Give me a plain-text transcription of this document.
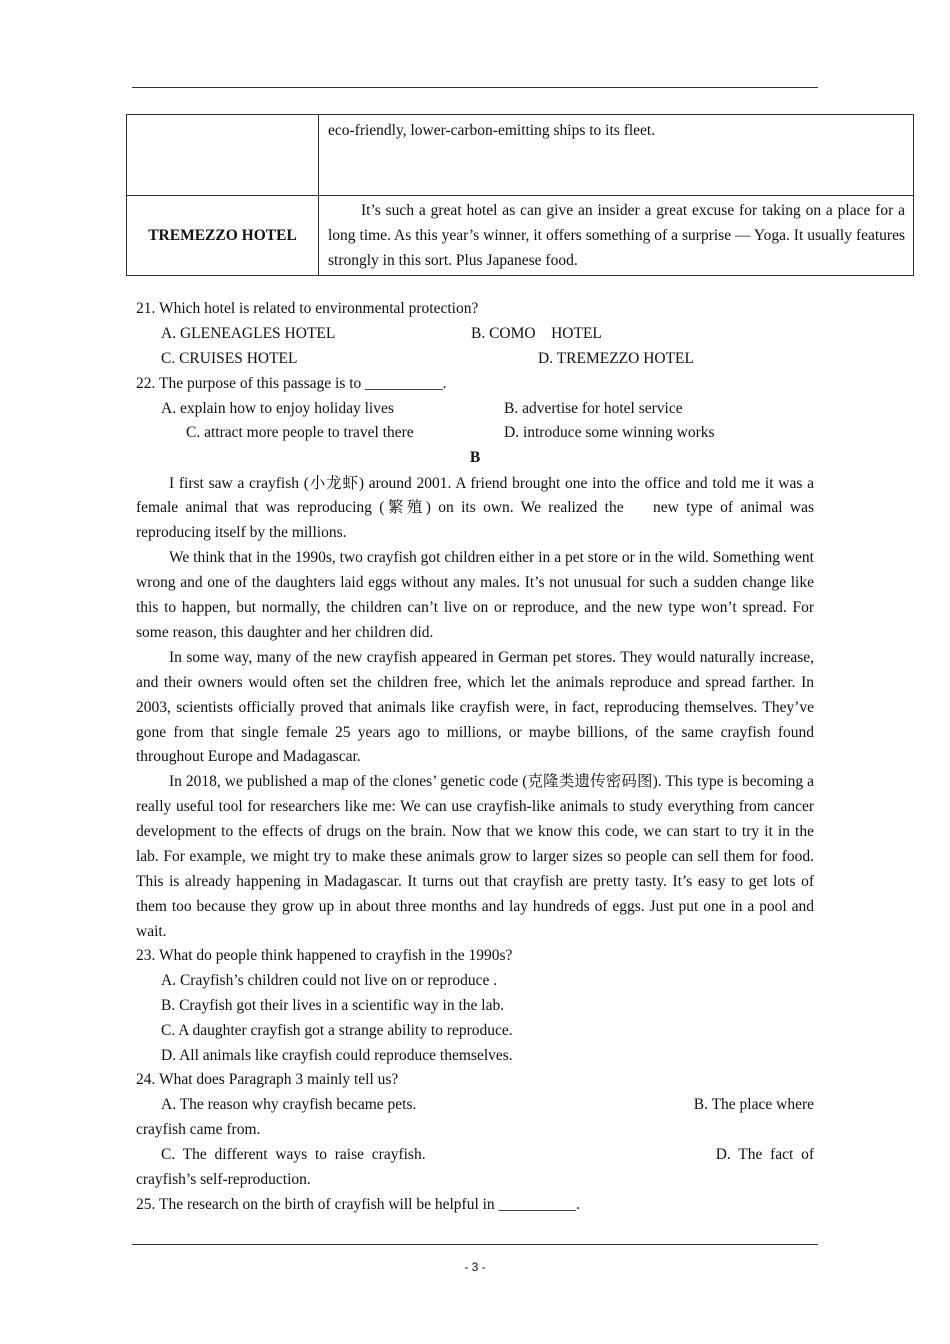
	eco-friendly, lower-carbon-emitting ships to its fleet.

TREMEZZO HOTEL	It’s such a great hotel as can give an insider a great excuse for taking on a place for a long time. As this year’s winner, it offers something of a surprise — Yoga. It usually features strongly in this sort. Plus Japanese food.
21. Which hotel is related to environmental protection?
A. GLENEAGLES HOTEL	B. COMO    HOTEL
C. CRUISES HOTEL	D. TREMEZZO HOTEL
22. The purpose of this passage is to __________.
A. explain how to enjoy holiday lives	B. advertise for hotel service
C. attract more people to travel there	D. introduce some winning works
B
I first saw a crayfish (小龙虾) around 2001. A friend brought one into the office and told me it was a female animal that was reproducing (繁殖) on its own. We realized the    new type of animal was reproducing itself by the millions.
We think that in the 1990s, two crayfish got children either in a pet store or in the wild. Something went wrong and one of the daughters laid eggs without any males. It’s not unusual for such a sudden change like this to happen, but normally, the children can’t live on or reproduce, and the new type won’t spread. For some reason, this daughter and her children did.
In some way, many of the new crayfish appeared in German pet stores. They would naturally increase, and their owners would often set the children free, which let the animals reproduce and spread farther. In 2003, scientists officially proved that animals like crayfish were, in fact, reproducing themselves. They’ve gone from that single female 25 years ago to millions, or maybe billions, of the same crayfish found throughout Europe and Madagascar.
In 2018, we published a map of the clones’ genetic code (克隆类遗传密码图). This type is becoming a really useful tool for researchers like me: We can use crayfish-like animals to study everything from cancer development to the effects of drugs on the brain. Now that we know this code, we can start to try it in the lab. For example, we might try to make these animals grow to larger sizes so people can sell them for food. This is already happening in Madagascar. It turns out that crayfish are pretty tasty. It’s easy to get lots of them too because they grow up in about three months and lay hundreds of eggs. Just put one in a pool and wait.
23. What do people think happened to crayfish in the 1990s?
A. Crayfish’s children could not live on or reproduce .
B. Crayfish got their lives in a scientific way in the lab.
C. A daughter crayfish got a strange ability to reproduce.
D. All animals like crayfish could reproduce themselves.
24. What does Paragraph 3 mainly tell us?
A. The reason why crayfish became pets.	B. The place where
crayfish came from.
C.  The  different  ways  to  raise  crayfish.	D.  The  fact  of
crayfish’s self-reproduction.
25. The research on the birth of crayfish will be helpful in __________.
- 3 -
